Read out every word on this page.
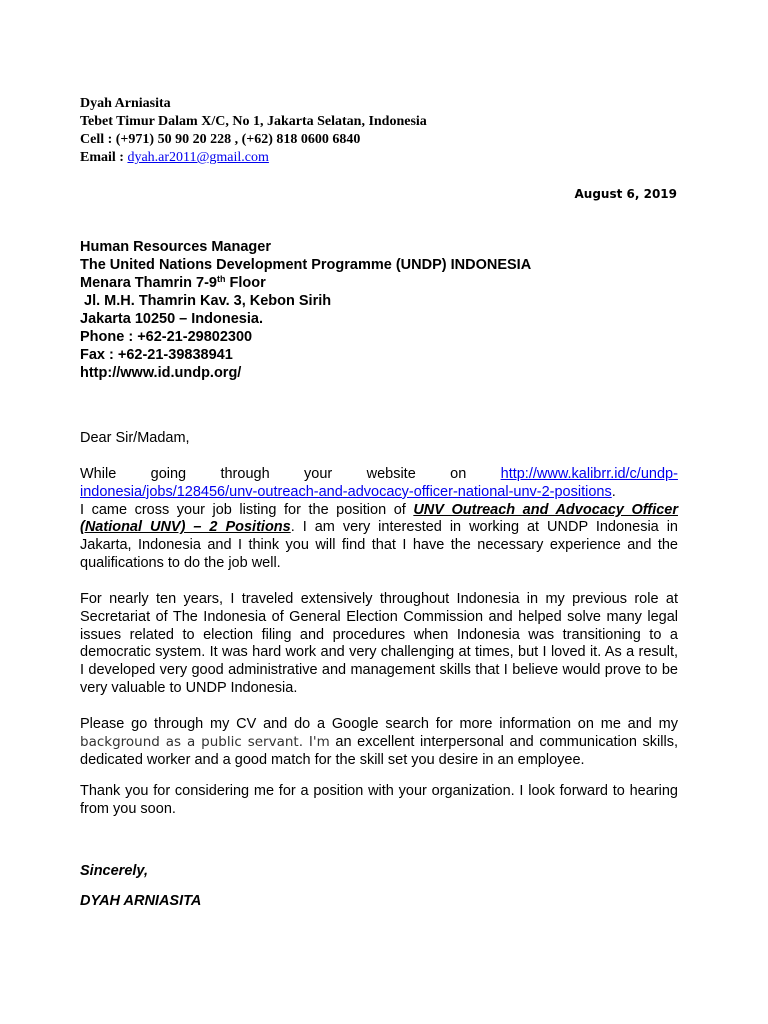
Dyah Arniasita
Tebet Timur Dalam X/C, No 1, Jakarta Selatan, Indonesia
Cell : (+971) 50 90 20 228 , (+62) 818 0600 6840
Email : dyah.ar2011@gmail.com
August 6, 2019
Human Resources Manager
The United Nations Development Programme (UNDP) INDONESIA
Menara Thamrin 7-9th Floor
Jl. M.H. Thamrin Kav. 3, Kebon Sirih
Jakarta 10250 – Indonesia.
Phone : +62-21-29802300
Fax : +62-21-39838941
http://www.id.undp.org/
Dear Sir/Madam,
While going through your website on http://www.kalibrr.id/c/undp-
indonesia/jobs/128456/unv-outreach-and-advocacy-officer-national-unv-2-positions.
I came cross your job listing for the position of UNV Outreach and Advocacy Officer (National UNV) – 2 Positions. I am very interested in working at UNDP Indonesia in Jakarta, Indonesia and I think you will find that I have the necessary experience and the qualifications to do the job well.
For nearly ten years, I traveled extensively throughout Indonesia in my previous role at Secretariat of The Indonesia of General Election Commission and helped solve many legal issues related to election filing and procedures when Indonesia was transitioning to a democratic system. It was hard work and very challenging at times, but I loved it. As a result, I developed very good administrative and management skills that I believe would prove to be very valuable to UNDP Indonesia.
Please go through my CV and do a Google search for more information on me and my background as a public servant. I'm an excellent interpersonal and communication skills, dedicated worker and a good match for the skill set you desire in an employee.
Thank you for considering me for a position with your organization. I look forward to hearing from you soon.
Sincerely,
DYAH ARNIASITA
